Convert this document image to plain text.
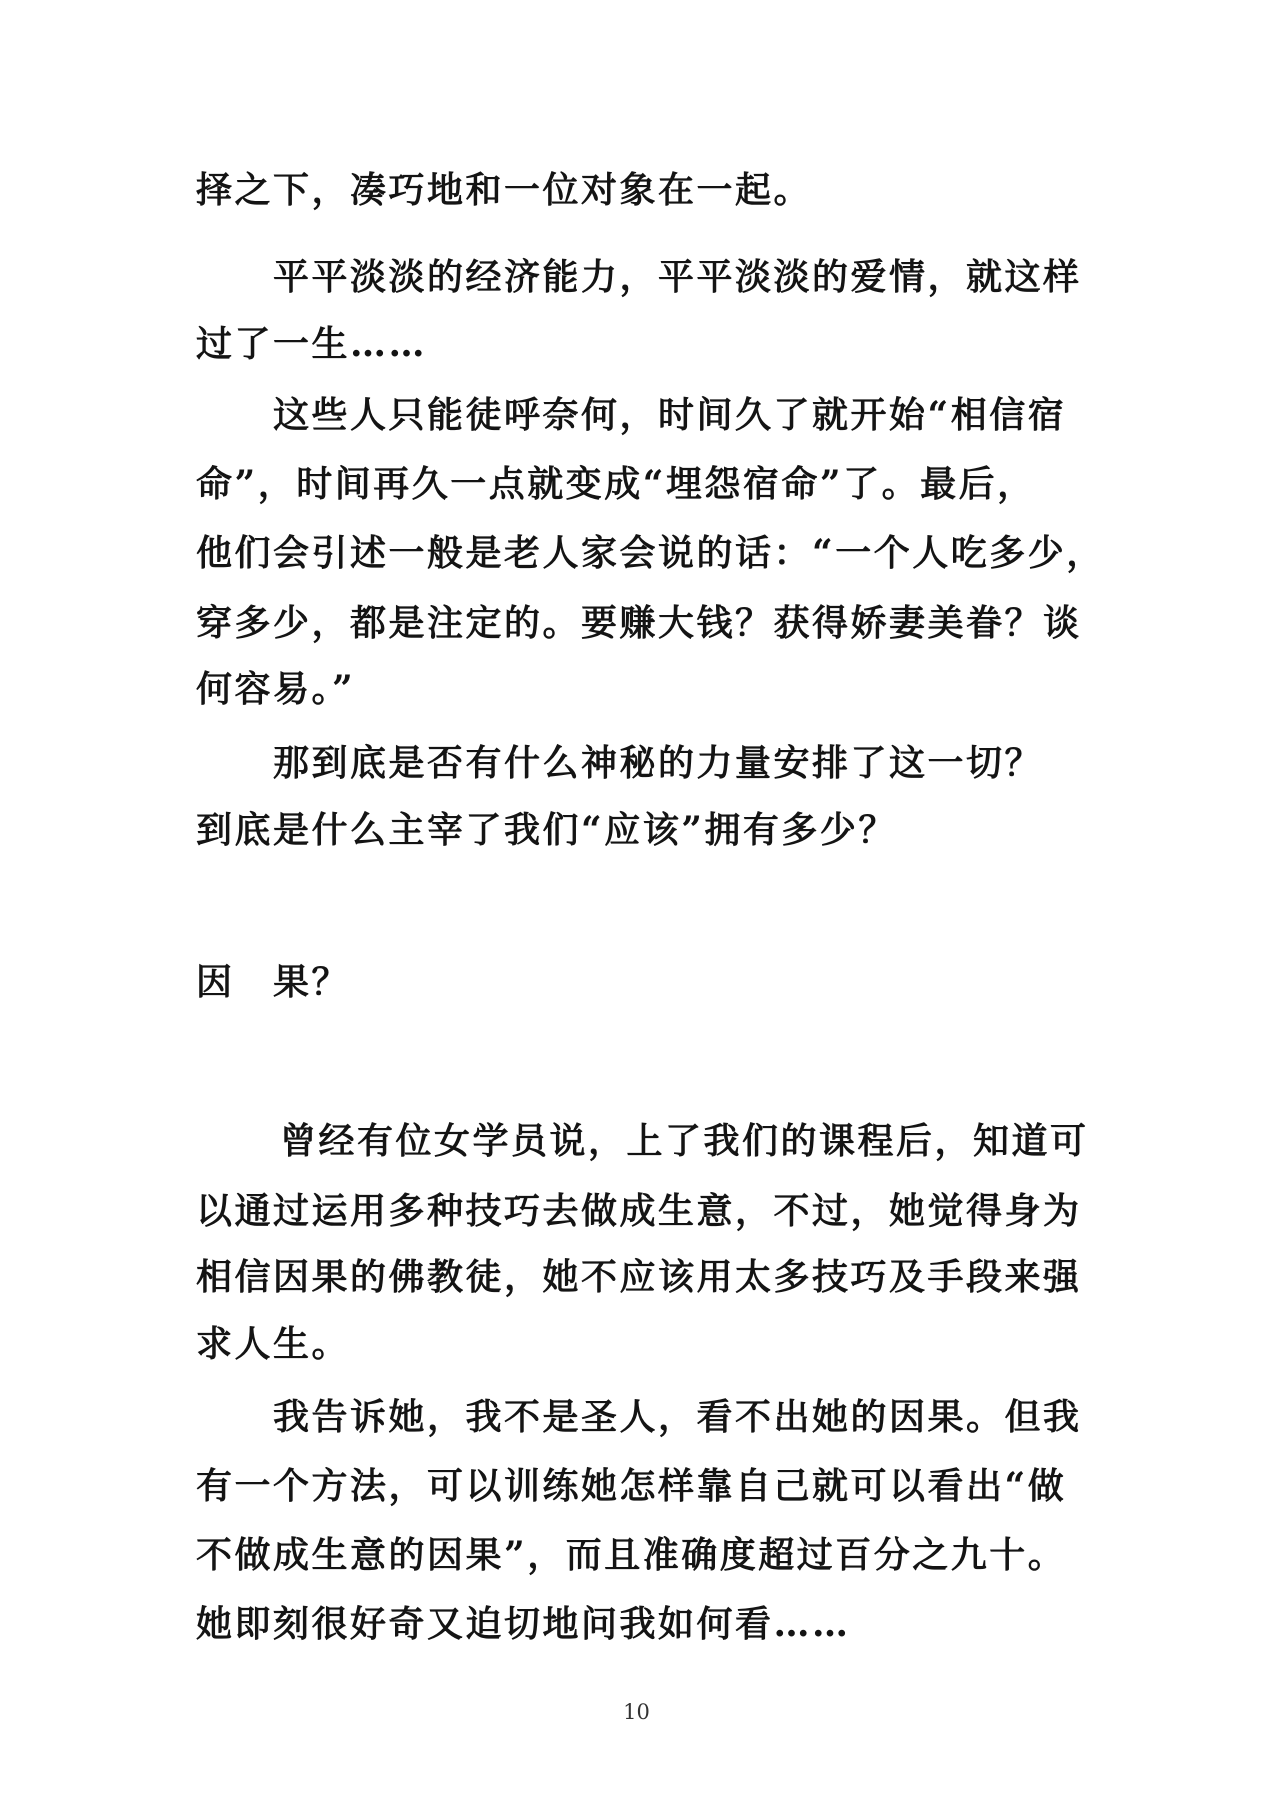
择之下，凑巧地和一位对象在一起。
平平淡淡的经济能力，平平淡淡的爱情，就这样
过了一生……
这些人只能徒呼奈何，时间久了就开始“相信宿
命”，时间再久一点就变成“埋怨宿命”了。最后，
他们会引述一般是老人家会说的话：“一个人吃多少，
穿多少，都是注定的。要赚大钱？获得娇妻美眷？谈
何容易。”
那到底是否有什么神秘的力量安排了这一切？
到底是什么主宰了我们“应该”拥有多少？
因　果？
曾经有位女学员说，上了我们的课程后，知道可
以通过运用多种技巧去做成生意，不过，她觉得身为
相信因果的佛教徒，她不应该用太多技巧及手段来强
求人生。
我告诉她，我不是圣人，看不出她的因果。但我
有一个方法，可以训练她怎样靠自己就可以看出“做
不做成生意的因果”，而且准确度超过百分之九十。
她即刻很好奇又迫切地问我如何看……
10
